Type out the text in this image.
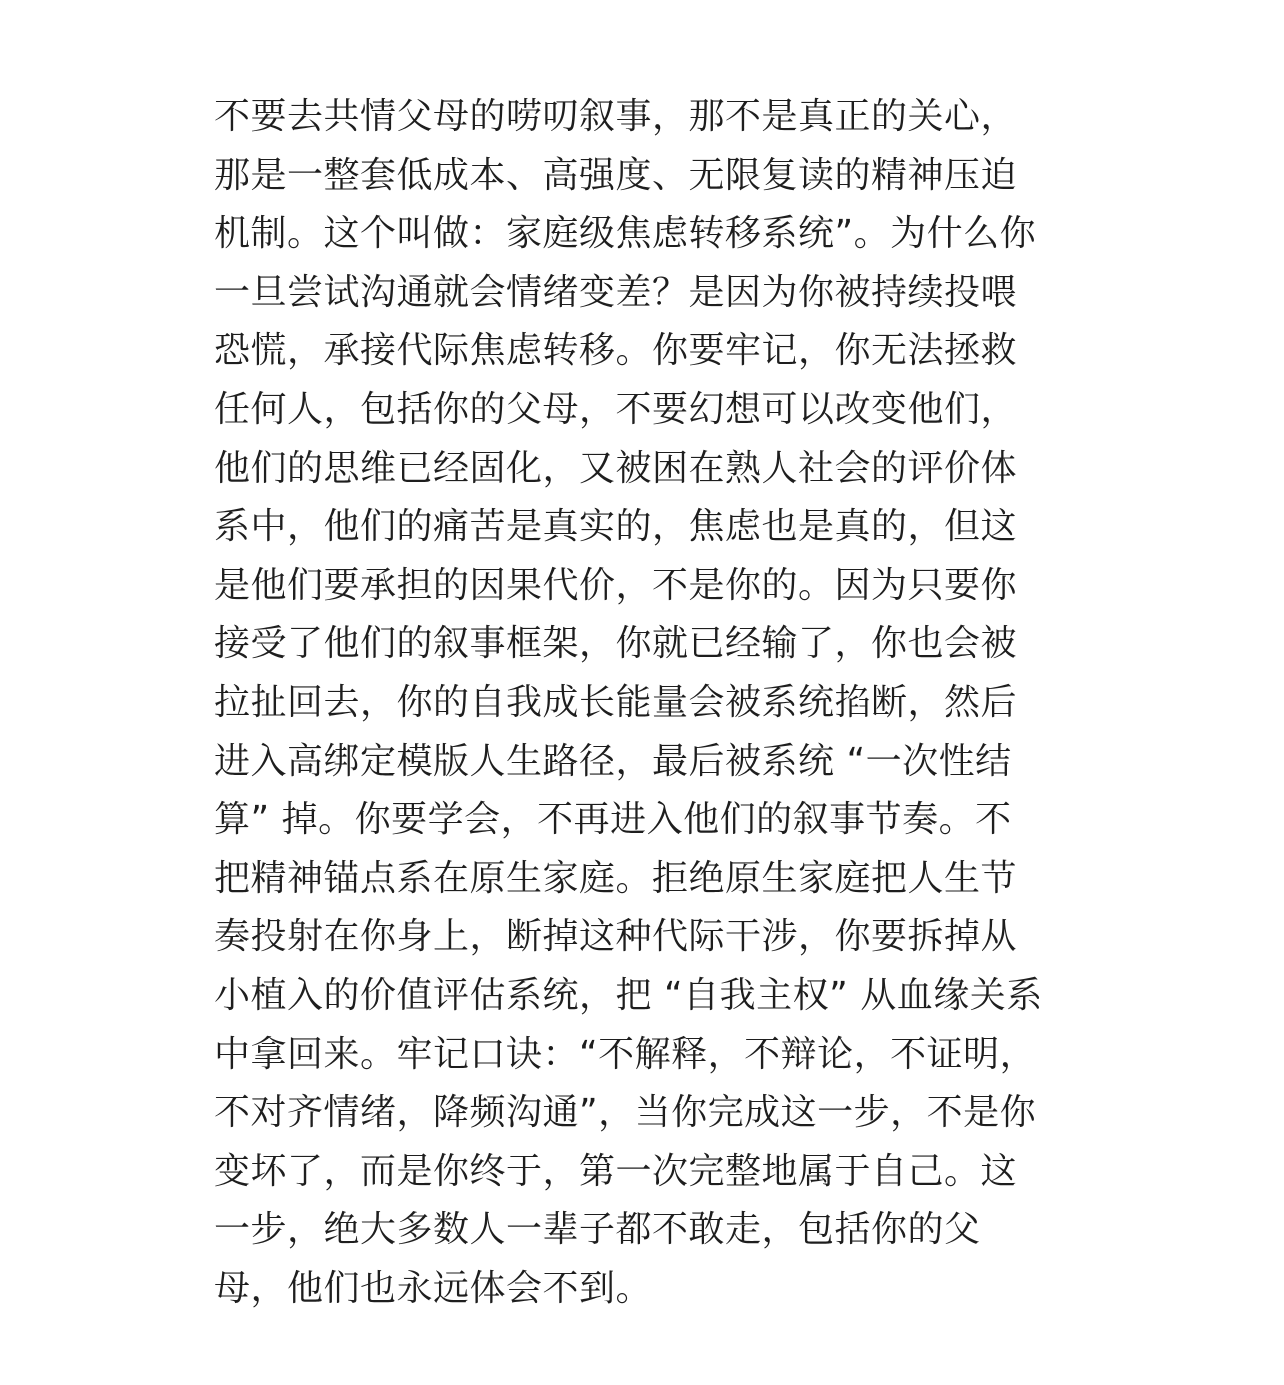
不要去共情父母的唠叨叙事，那不是真正的关心，
那是一整套低成本、高强度、无限复读的精神压迫
机制。这个叫做：家庭级焦虑转移系统”。为什么你
一旦尝试沟通就会情绪变差？是因为你被持续投喂
恐慌，承接代际焦虑转移。你要牢记，你无法拯救
任何人，包括你的父母，不要幻想可以改变他们，
他们的思维已经固化，又被困在熟人社会的评价体
系中，他们的痛苦是真实的，焦虑也是真的，但这
是他们要承担的因果代价，不是你的。因为只要你
接受了他们的叙事框架，你就已经输了，你也会被
拉扯回去，你的自我成长能量会被系统掐断，然后
进入高绑定模版人生路径，最后被系统 “一次性结
算” 掉。你要学会，不再进入他们的叙事节奏。不
把精神锚点系在原生家庭。拒绝原生家庭把人生节
奏投射在你身上，断掉这种代际干涉，你要拆掉从
小植入的价值评估系统，把 “自我主权” 从血缘关系
中拿回来。牢记口诀：“不解释，不辩论，不证明，
不对齐情绪，降频沟通”，当你完成这一步，不是你
变坏了，而是你终于，第一次完整地属于自己。这
一步，绝大多数人一辈子都不敢走，包括你的父
母，他们也永远体会不到。
